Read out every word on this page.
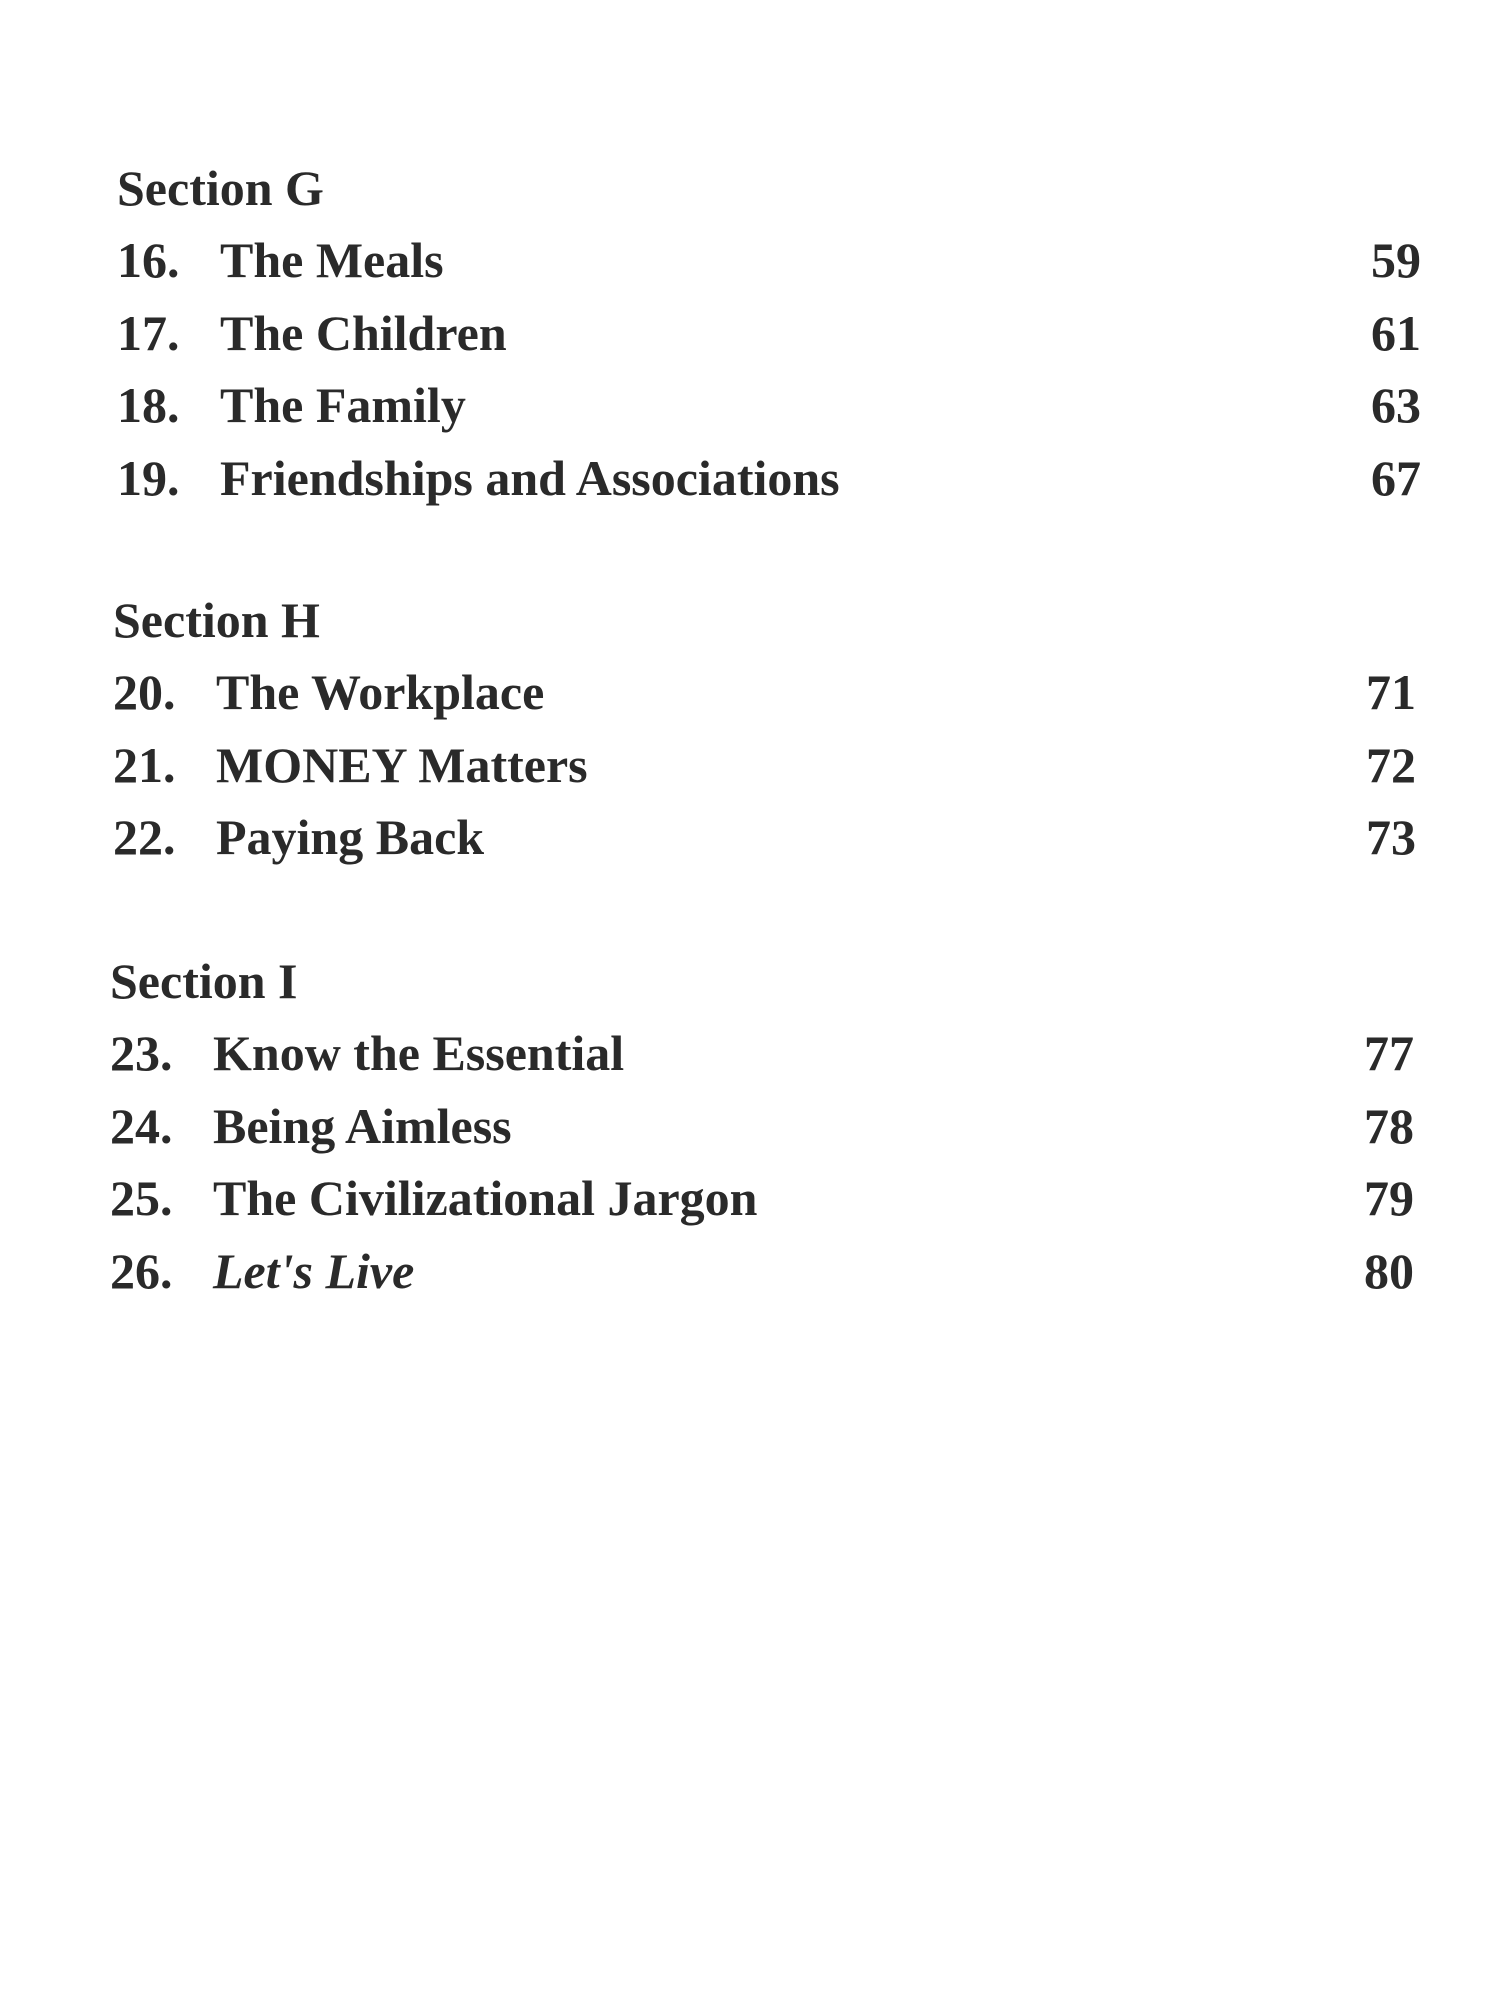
Section G
16. The Meals	59
17. The Children	61
18. The Family	63
19. Friendships and Associations	67
Section H
20. The Workplace	71
21. MONEY Matters	72
22. Paying Back	73
Section I
23. Know the Essential	77
24. Being Aimless	78
25. The Civilizational Jargon	79
26. Let's Live	80
